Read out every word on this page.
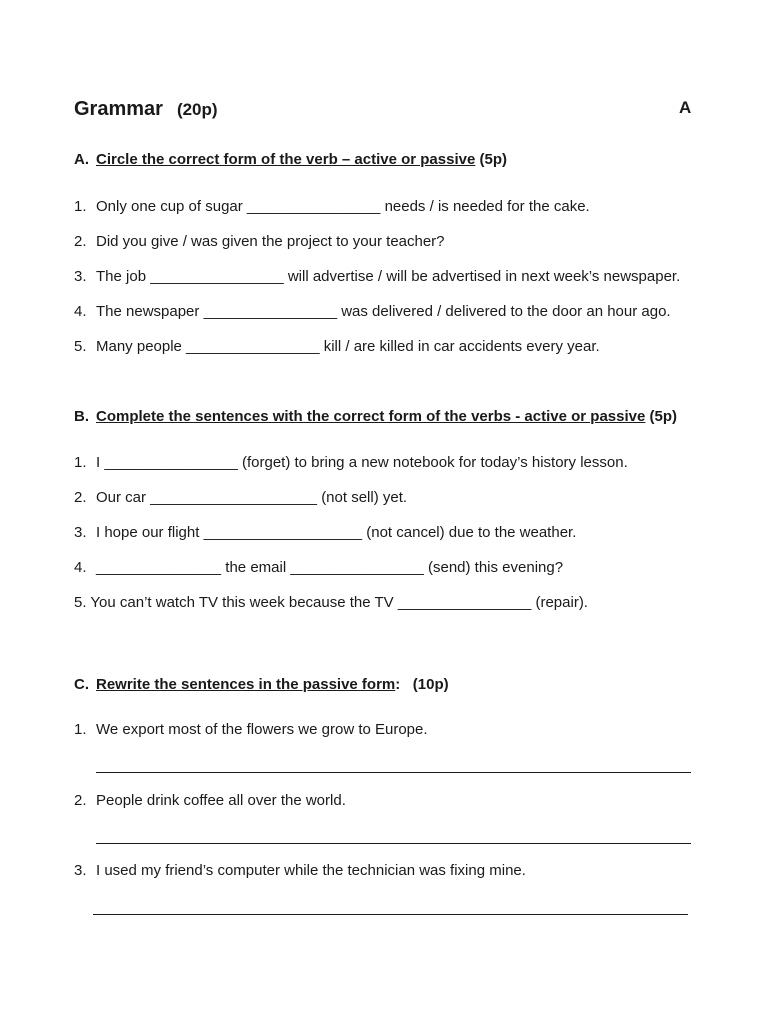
Grammar (20p)	A
A. Circle the correct form of the verb – active or passive (5p)
1. Only one cup of sugar ________________ needs / is needed for the cake.
2. Did you give / was given the project to your teacher?
3. The job ________________ will advertise / will be advertised in next week’s newspaper.
4. The newspaper ________________ was delivered / delivered to the door an hour ago.
5. Many people ________________ kill / are killed in car accidents every year.
B. Complete the sentences with the correct form of the verbs - active or passive (5p)
1. I ________________ (forget) to bring a new notebook for today’s history lesson.
2. Our car ____________________ (not sell) yet.
3. I hope our flight ___________________ (not cancel) due to the weather.
4. _______________ the email ________________ (send) this evening?
5. You can’t watch TV this week because the TV ________________ (repair).
C. Rewrite the sentences in the passive form: (10p)
1. We export most of the flowers we grow to Europe.
2. People drink coffee all over the world.
3. I used my friend’s computer while the technician was fixing mine.
